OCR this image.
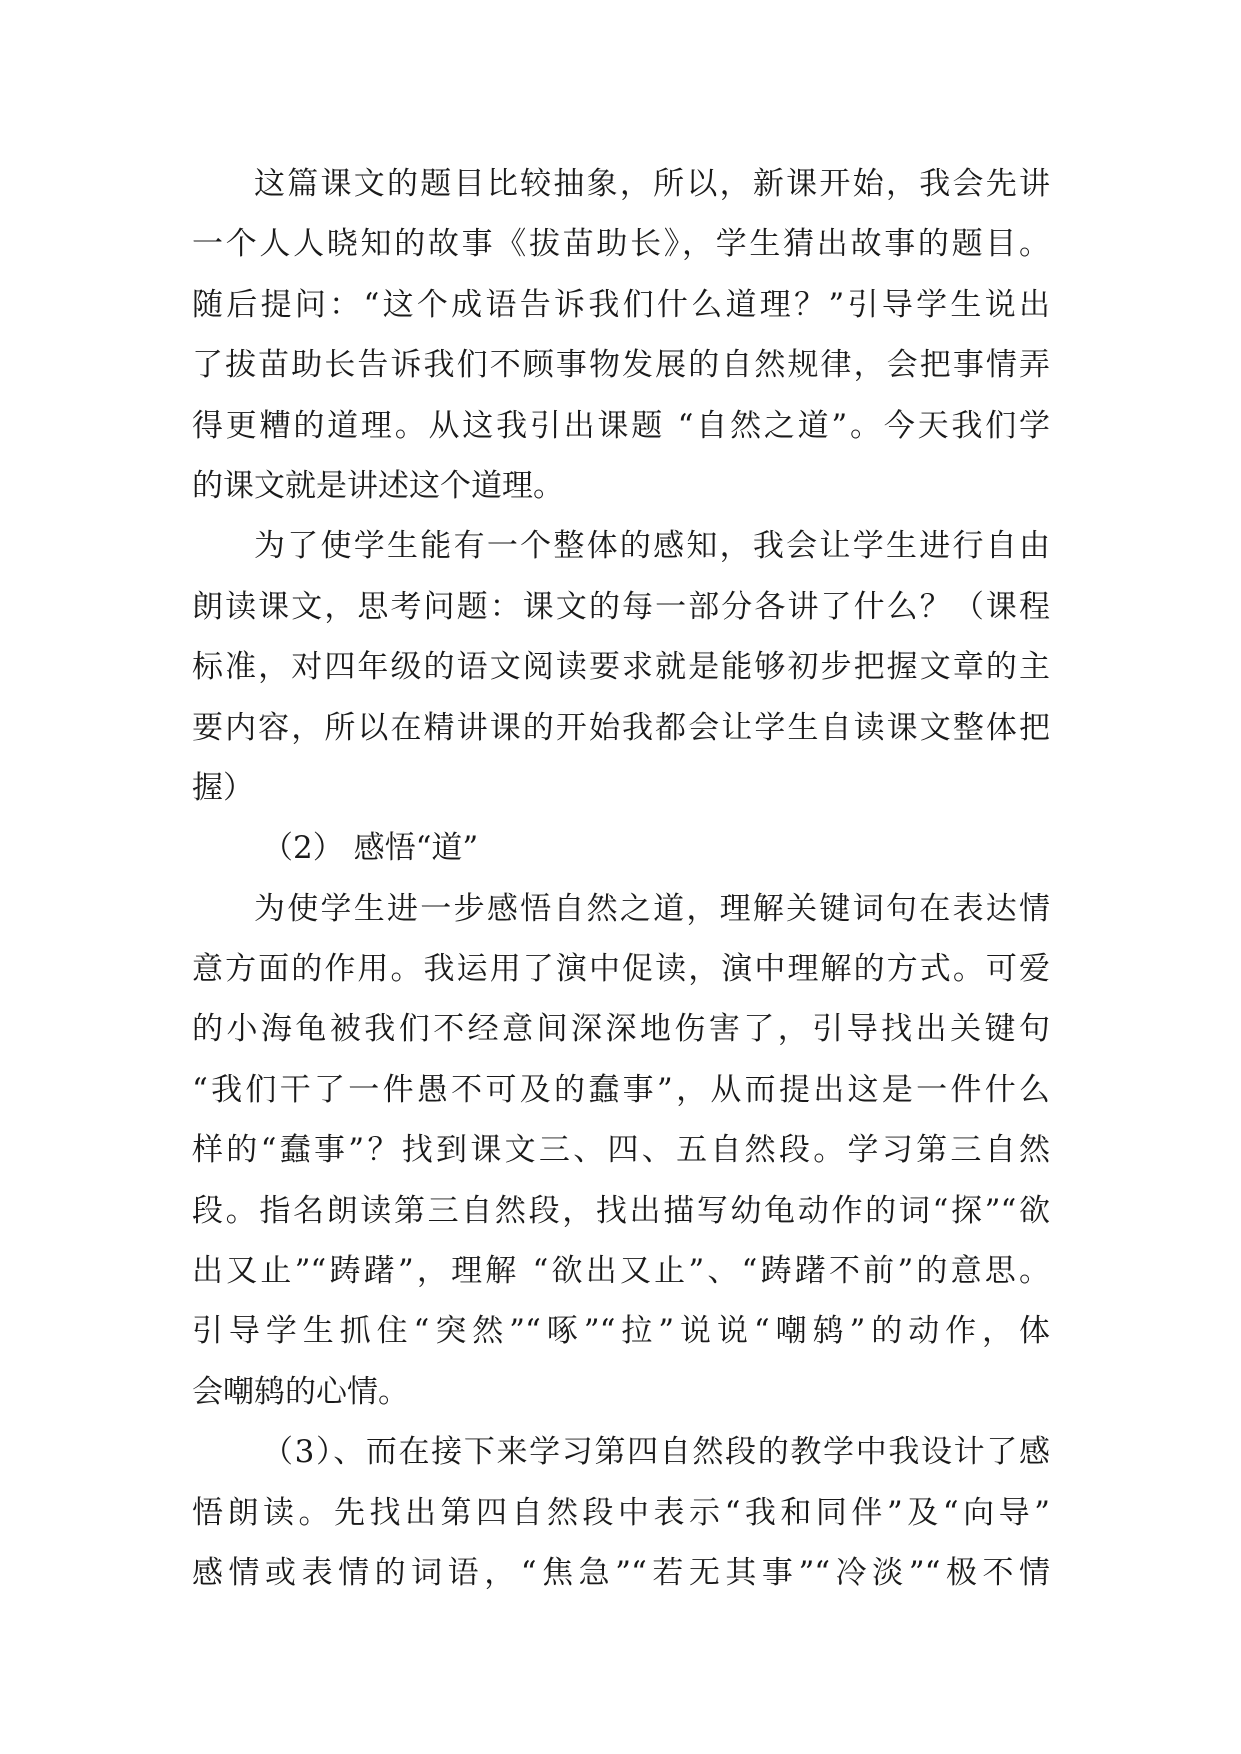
这篇课文的题目比较抽象，所以，新课开始，我会先讲
一个人人晓知的故事《拔苗助长》，学生猜出故事的题目。
随后提问：“这个成语告诉我们什么道理？”引导学生说出
了拔苗助长告诉我们不顾事物发展的自然规律，会把事情弄
得更糟的道理。从这我引出课题 “自然之道”。今天我们学
的课文就是讲述这个道理。
为了使学生能有一个整体的感知，我会让学生进行自由
朗读课文，思考问题：课文的每一部分各讲了什么？（课程
标准，对四年级的语文阅读要求就是能够初步把握文章的主
要内容，所以在精讲课的开始我都会让学生自读课文整体把
握）
（2） 感悟“道”
为使学生进一步感悟自然之道，理解关键词句在表达情
意方面的作用。我运用了演中促读，演中理解的方式。可爱
的小海龟被我们不经意间深深地伤害了，引导找出关键句
“我们干了一件愚不可及的蠢事”，从而提出这是一件什么
样的“蠢事”？找到课文三、四、五自然段。学习第三自然
段。指名朗读第三自然段，找出描写幼龟动作的词“探”“欲
出又止”“踌躇”，理解 “欲出又止”、“踌躇不前”的意思。
引导学生抓住“突然”“啄”“拉”说说“嘲鸫”的动作，体
会嘲鸫的心情。
（3）、而在接下来学习第四自然段的教学中我设计了感
悟朗读。先找出第四自然段中表示“我和同伴”及“向导”
感情或表情的词语，“焦急”“若无其事”“冷淡”“极不情
